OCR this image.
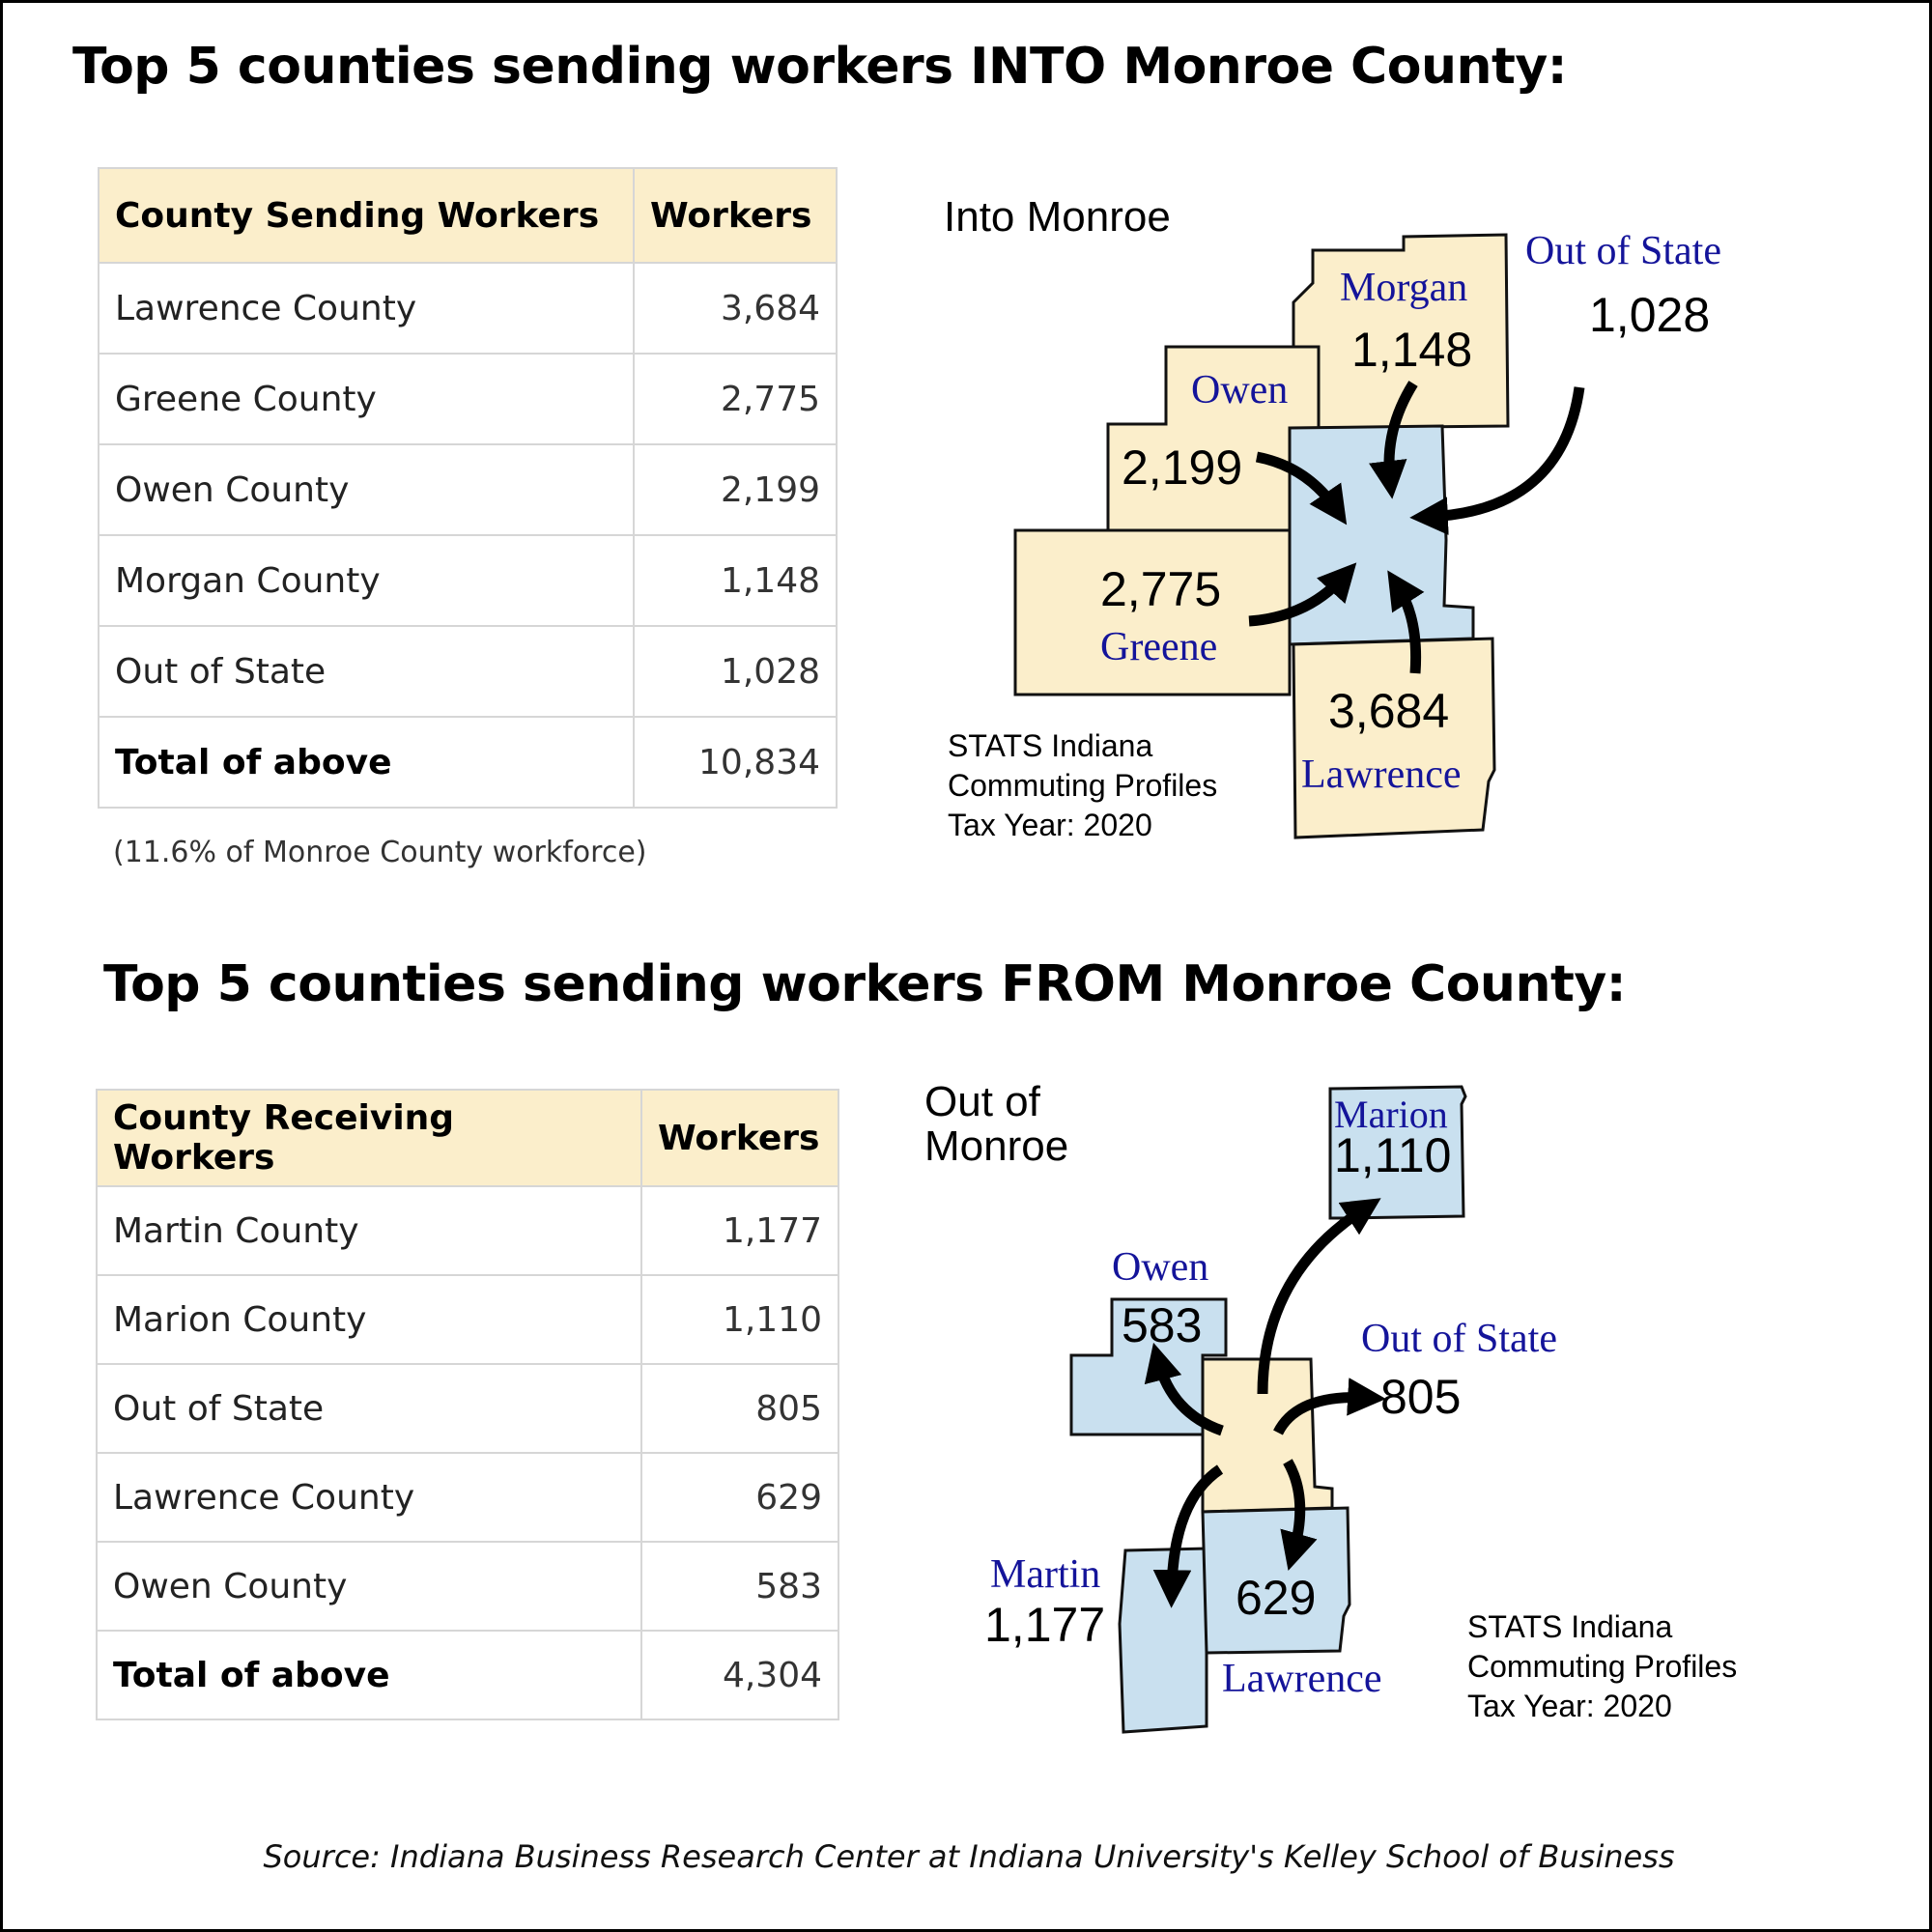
Top 5 counties sending workers INTO Monroe County:
County Sending Workers	Workers
Lawrence County	3,684
Greene County	2,775
Owen County	2,199
Morgan County	1,148
Out of State	1,028
Total of above	10,834
(11.6% of Monroe County workforce)
Into Monroe
Morgan
1,148
Out of State
1,028
Owen
2,199
2,775
Greene
3,684
Lawrence
STATS Indiana
Commuting Profiles
Tax Year: 2020
Top 5 counties sending workers FROM Monroe County:
County Receiving Workers	Workers
Martin County	1,177
Marion County	1,110
Out of State	805
Lawrence County	629
Owen County	583
Total of above	4,304
Out of
Monroe
Marion
1,110
Owen
583	Out of State
805
Martin
1,177	629
Lawrence
STATS Indiana
Commuting Profiles
Tax Year: 2020
Source: Indiana Business Research Center at Indiana University's Kelley School of Business
